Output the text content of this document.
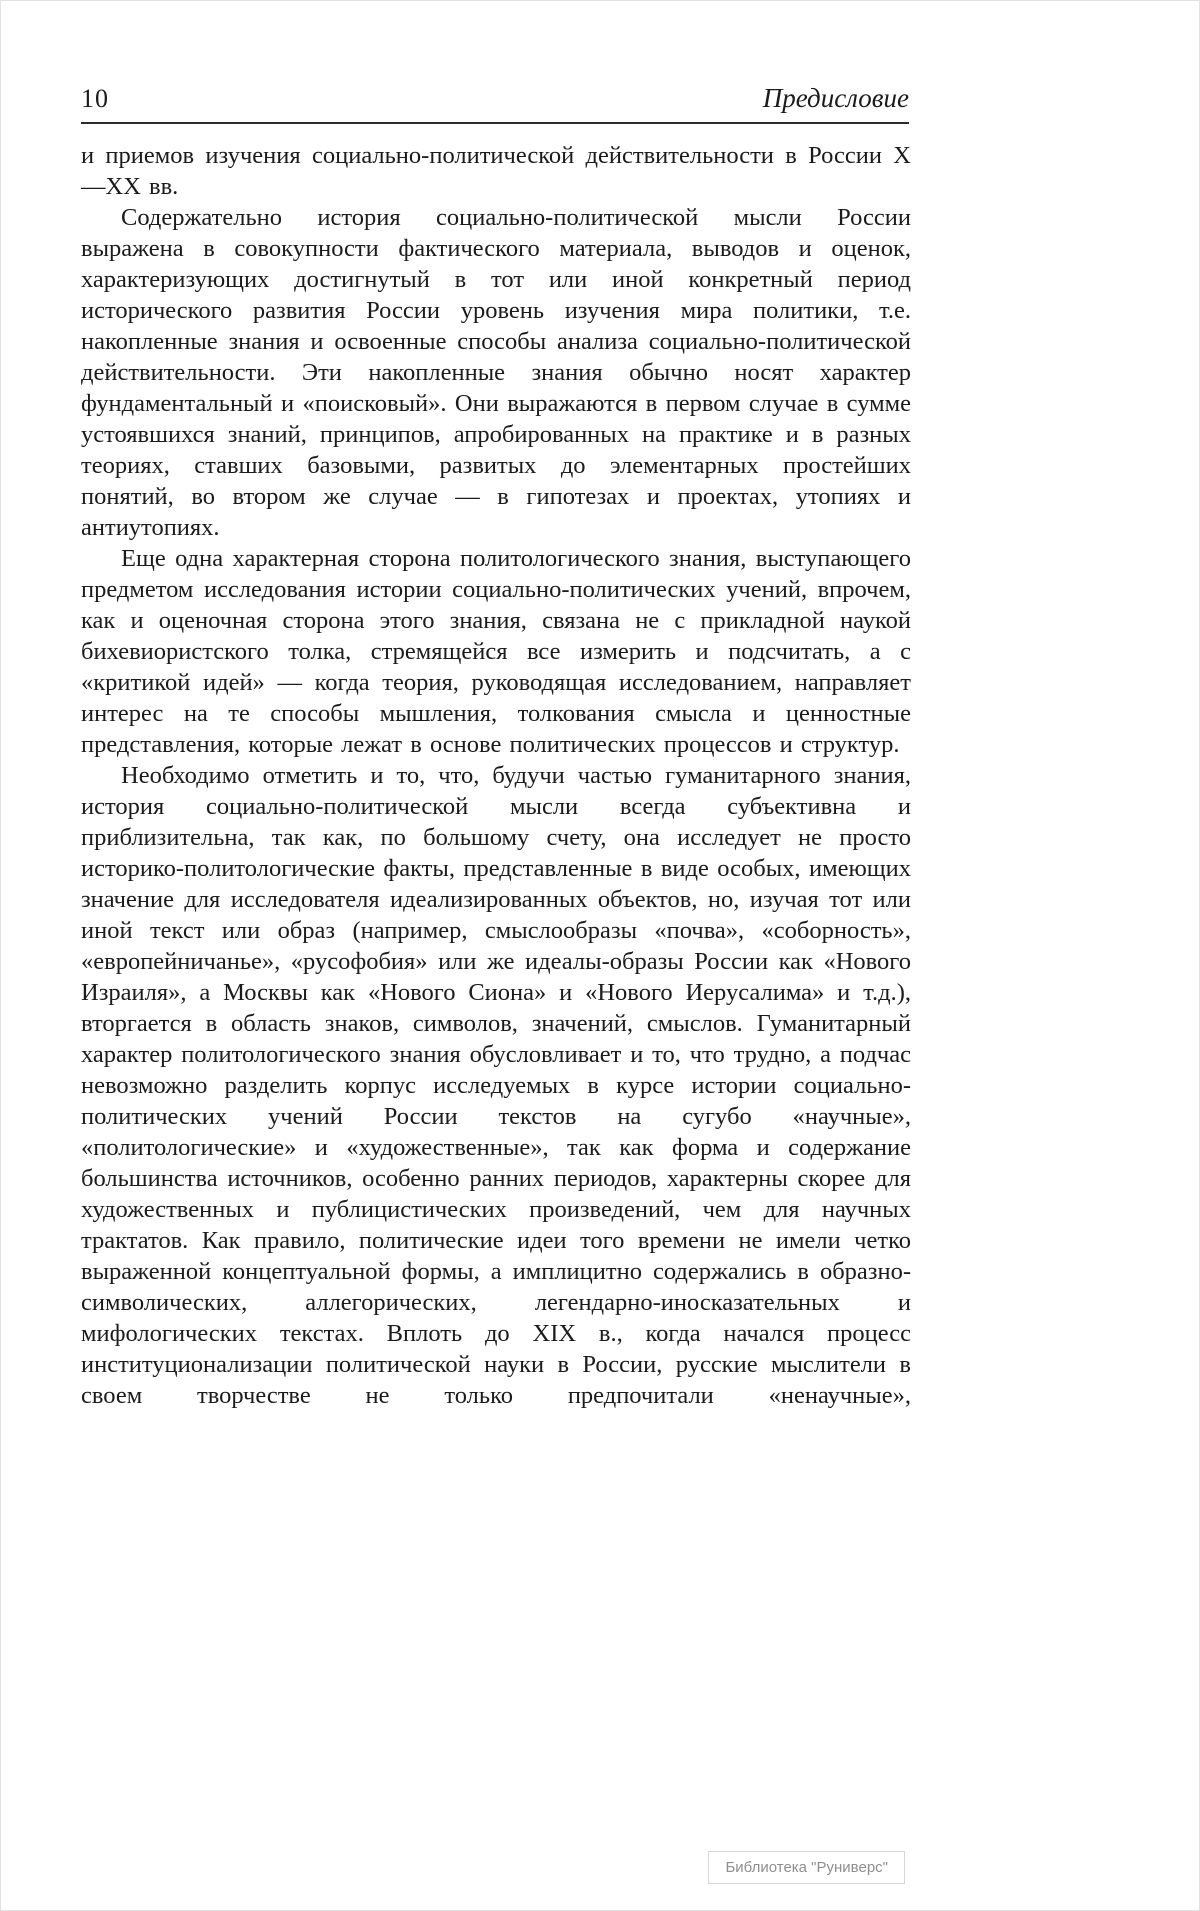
10	Предисловие

и приемов изучения социально-политической действительности в России X—XX вв.

Содержательно история социально-политической мысли России выражена в совокупности фактического материала, выводов и оценок, характеризующих достигнутый в тот или иной конкретный период исторического развития России уровень изучения мира политики, т.е. накопленные знания и освоенные способы анализа социально-политической действительности. Эти накопленные знания обычно носят характер фундаментальный и «поисковый». Они выражаются в первом случае в сумме устоявшихся знаний, принципов, апробированных на практике и в разных теориях, ставших базовыми, развитых до элементарных простейших понятий, во втором же случае — в гипотезах и проектах, утопиях и антиутопиях.

Еще одна характерная сторона политологического знания, выступающего предметом исследования истории социально-политических учений, впрочем, как и оценочная сторона этого знания, связана не с прикладной наукой бихевиористского толка, стремящейся все измерить и подсчитать, а с «критикой идей» — когда теория, руководящая исследованием, направляет интерес на те способы мышления, толкования смысла и ценностные представления, которые лежат в основе политических процессов и структур.

Необходимо отметить и то, что, будучи частью гуманитарного знания, история социально-политической мысли всегда субъективна и приблизительна, так как, по большому счету, она исследует не просто историко-политологические факты, представленные в виде особых, имеющих значение для исследователя идеализированных объектов, но, изучая тот или иной текст или образ (например, смыслообразы «почва», «соборность», «европейничанье», «русофобия» или же идеалы-образы России как «Нового Израиля», а Москвы как «Нового Сиона» и «Нового Иерусалима» и т.д.), вторгается в область знаков, символов, значений, смыслов. Гуманитарный характер политологического знания обусловливает и то, что трудно, а подчас невозможно разделить корпус исследуемых в курсе истории социально-политических учений России текстов на сугубо «научные», «политологические» и «художественные», так как форма и содержание большинства источников, особенно ранних периодов, характерны скорее для художественных и публицистических произведений, чем для научных трактатов. Как правило, политические идеи того времени не имели четко выраженной концептуальной формы, а имплицитно содержались в образно-символических, аллегорических, легендарно-иносказательных и мифологических текстах. Вплоть до XIX в., когда начался процесс институционализации политической науки в России, русские мыслители в своем творчестве не только предпочитали «ненаучные»,

Библиотека "Руниверс"
